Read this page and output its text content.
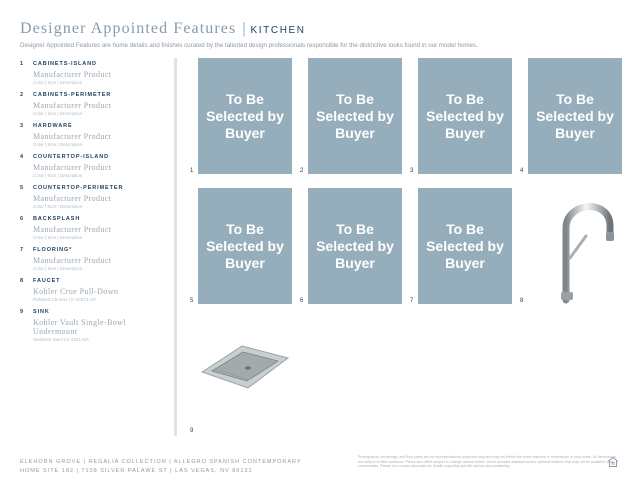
Designer Appointed Features | KITCHEN
Designer Appointed Features are home details and finishes curated by the talented design professionals responsible for the distinctive looks found in our model homes.
1	CABINETS-ISLAND
Manufacturer Product
Color | Size | Description
2	CABINETS-PERIMETER
Manufacturer Product
Color | Size | Description
3	HARDWARE
Manufacturer Product
Color | Size | Description
4	COUNTERTOP-ISLAND
Manufacturer Product
Color | Size | Description
5	COUNTERTOP-PERIMETER
Manufacturer Product
Color | Size | Description
6	BACKSPLASH
Manufacturer Product
Color | Size | Description
7	FLOORING*
Manufacturer Product
Color | Size | Description
8	FAUCET
Kohler Crue Pull-Down
Polished Chrome | K-22973-CP
9	SINK
Kohler Vault Single-Bowl Undermount
Stainless Steel | K-3821-NA
To Be Selected by Buyer
1
To Be Selected by Buyer
2
To Be Selected by Buyer
3
To Be Selected by Buyer
4
To Be Selected by Buyer
5
To Be Selected by Buyer
6
To Be Selected by Buyer
7	8
9
ELKHORN GROVE | REGALIA COLLECTION | ALLEGRO SPANISH CONTEMPORARY
HOME SITE 182 | 7108 SILVER PALAWE ST | LAS VEGAS, NV 89131
Photographs, renderings, and floor plans are for representational purposes only and may not reflect the exact features or dimensions of your home. All dimensions are subject to field variations. Prices and offers subject to change without notice. Home includes standard and/or optional features that may not be available in all communities. Please see a sales associate for details regarding specific options and availability.
